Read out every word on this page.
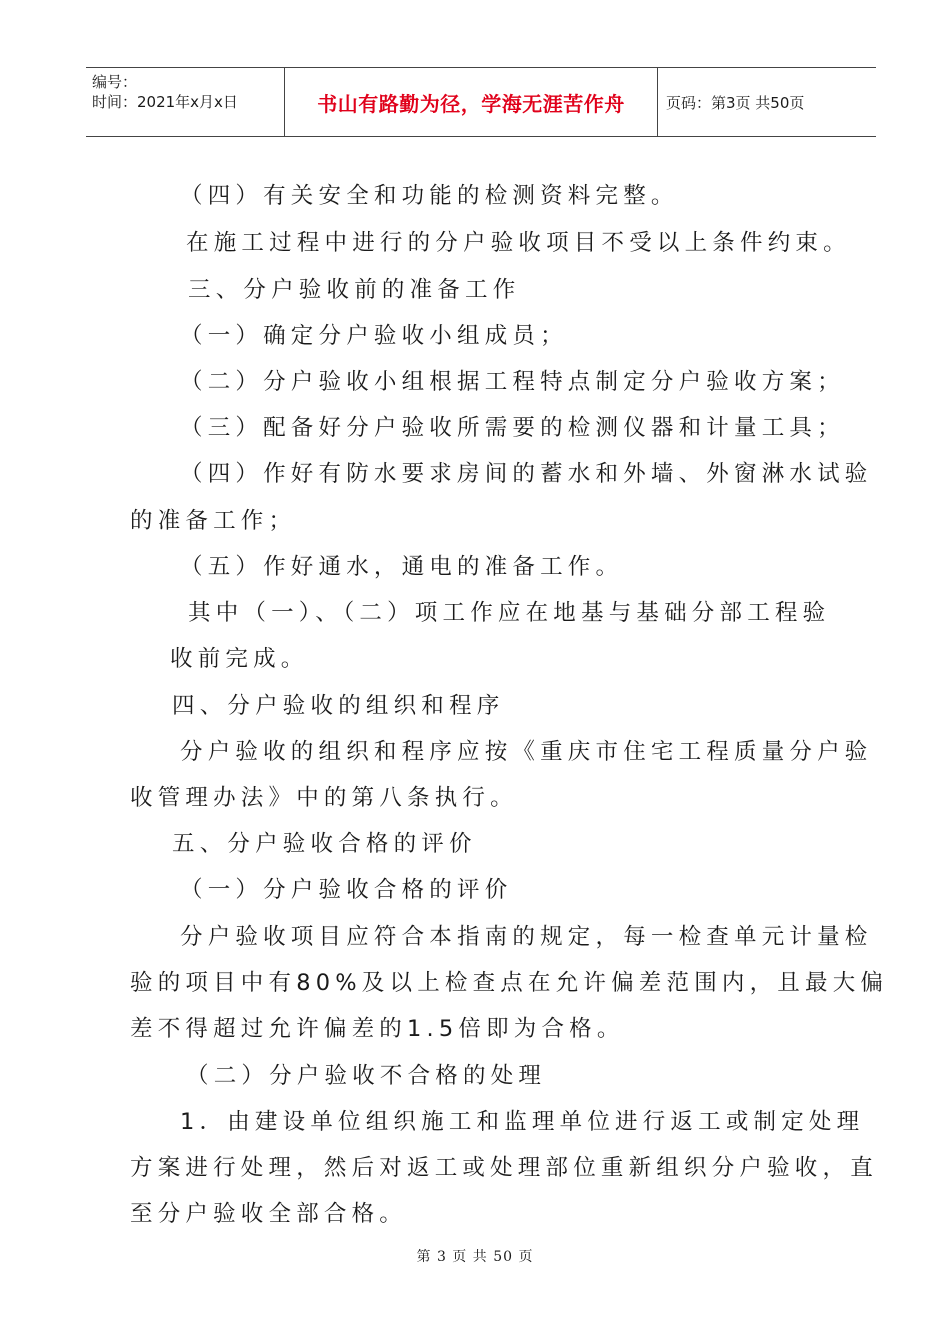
编号：
时间：2021年x月x日	书山有路勤为径，学海无涯苦作舟	页码：第3页 共50页
（四）有关安全和功能的检测资料完整。
在施工过程中进行的分户验收项目不受以上条件约束。
三、分户验收前的准备工作
（一）确定分户验收小组成员；
（二）分户验收小组根据工程特点制定分户验收方案；
（三）配备好分户验收所需要的检测仪器和计量工具；
（四）作好有防水要求房间的蓄水和外墙、外窗淋水试验
的准备工作；
（五）作好通水，通电的准备工作。
其中（一）、（二）项工作应在地基与基础分部工程验
收前完成。
四、分户验收的组织和程序
分户验收的组织和程序应按《重庆市住宅工程质量分户验
收管理办法》中的第八条执行。
五、分户验收合格的评价
（一）分户验收合格的评价
分户验收项目应符合本指南的规定，每一检查单元计量检
验的项目中有80%及以上检查点在允许偏差范围内，且最大偏
差不得超过允许偏差的1.5倍即为合格。
（二）分户验收不合格的处理
1．由建设单位组织施工和监理单位进行返工或制定处理
方案进行处理，然后对返工或处理部位重新组织分户验收，直
至分户验收全部合格。
第 3 页 共 50 页
